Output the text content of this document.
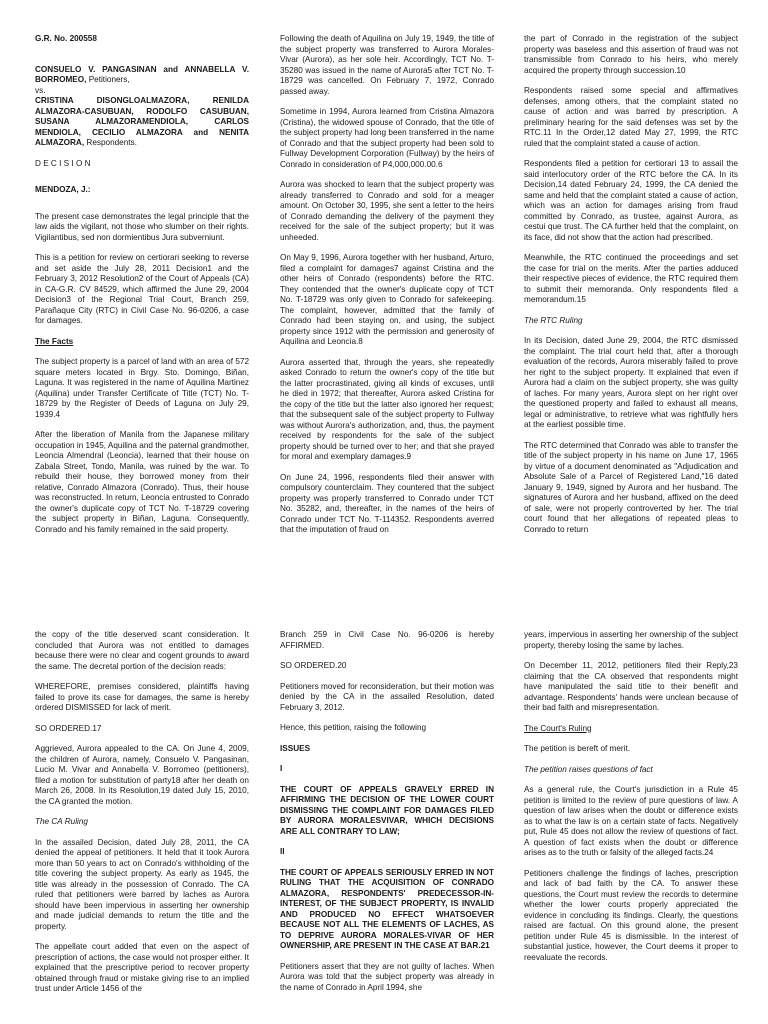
G.R. No. 200558

CONSUELO V. PANGASINAN and ANNABELLA V. BORROMEO, Petitioners,

vs.

CRISTINA DISONGLOALMAZORA, RENILDA ALMAZORA-CASUBUAN, RODOLFO CASUBUAN, SUSANA ALMAZORAMENDIOLA, CARLOS MENDIOLA, CECILIO ALMAZORA and NENITA ALMAZORA, Respondents.

D E C I S I O N

MENDOZA, J.:

The present case demonstrates the legal principle that the law aids the vigilant, not those who slumber on their rights. Vigilantibus, sed non dormientibus Jura subverniunt.

This is a petition for review on certiorari seeking to reverse and set aside the July 28, 2011 Decision1 and the February 3, 2012 Resolution2 of the Court of Appeals (CA) in CA-G.R. CV 84529, which affirmed the June 29, 2004 Decision3 of the Regional Trial Court, Branch 259, Parañaque City (RTC) in Civil Case No. 96-0206, a case for damages.

The Facts

The subject property is a parcel of land with an area of 572 square meters located in Brgy. Sto. Domingo, Biñan, Laguna. It was registered in the name of Aquilina Martinez (Aquilina) under Transfer Certificate of Title (TCT) No. T-18729 by the Register of Deeds of Laguna on July 29, 1939.4

After the liberation of Manila from the Japanese military occupation in 1945, Aquilina and the paternal grandmother, Leoncia Almendral (Leoncia), learned that their house on Zabala Street, Tondo, Manila, was ruined by the war. To rebuild their house, they borrowed money from their relative, Conrado Almazora (Conrado). Thus, their house was reconstructed. In return, Leoncia entrusted to Conrado the owner's duplicate copy of TCT No. T-18729 covering the subject property in Biñan, Laguna. Consequently, Conrado and his family remained in the said property.

Following the death of Aquilina on July 19, 1949, the title of the subject property was transferred to Aurora Morales-Vivar (Aurora), as her sole heir. Accordingly, TCT No. T-35280 was issued in the name of Aurora5 after TCT No. T-18729 was cancelled. On February 7, 1972, Conrado passed away.

Sometime in 1994, Aurora learned from Cristina Almazora (Cristina), the widowed spouse of Conrado, that the title of the subject property had long been transferred in the name of Conrado and that the subject property had been sold to Fullway Development Corporation (Fullway) by the heirs of Conrado in consideration of P4,000,000.00.6

Aurora was shocked to learn that the subject property was already transferred to Conrado and sold for a meager amount. On October 30, 1995, she sent a letter to the heirs of Conrado demanding the delivery of the payment they received for the sale of the subject property; but it was unheeded.

On May 9, 1996, Aurora together with her husband, Arturo, filed a complaint for damages7 against Cristina and the other heirs of Conrado (respondents) before the RTC. They contended that the owner's duplicate copy of TCT No. T-18729 was only given to Conrado for safekeeping. The complaint, however, admitted that the family of Conrado had been staying on, and using, the subject property since 1912 with the permission and generosity of Aquilina and Leoncia.8

Aurora asserted that, through the years, she repeatedly asked Conrado to return the owner's copy of the title but the latter procrastinated, giving all kinds of excuses, until he died in 1972; that thereafter, Aurora asked Cristina for the copy of the title but the latter also ignored her request; that the subsequent sale of the subject property to Fullway was without Aurora's authorization, and, thus, the payment received by respondents for the sale of the subject property should be turned over to her; and that she prayed for moral and exemplary damages.9

On June 24, 1996, respondents filed their answer with compulsory counterclaim. They countered that the subject property was properly transferred to Conrado under TCT No. 35282, and, thereafter, in the names of the heirs of Conrado under TCT No. T-114352. Respondents averred that the imputation of fraud on

the part of Conrado in the registration of the subject property was baseless and this assertion of fraud was not transmissible from Conrado to his heirs, who merely acquired the property through succession.10

Respondents raised some special and affirmatives defenses, among others, that the complaint stated no cause of action and was barred by prescription. A preliminary hearing for the said defenses was set by the RTC.11 In the Order,12 dated May 27, 1999, the RTC ruled that the complaint stated a cause of action.

Respondents filed a petition for certiorari 13 to assail the said interlocutory order of the RTC before the CA. In its Decision,14 dated February 24, 1999, the CA denied the same and held that the complaint stated a cause of action, which was an action for damages arising from fraud committed by Conrado, as trustee, against Aurora, as cestui que trust. The CA further held that the complaint, on its face, did not show that the action had prescribed.

Meanwhile, the RTC continued the proceedings and set the case for trial on the merits. After the parties adduced their respective pieces of evidence, the RTC required them to submit their memoranda. Only respondents filed a memorandum.15

The RTC Ruling

In its Decision, dated June 29, 2004, the RTC dismissed the complaint. The trial court held that, after a thorough evaluation of the records, Aurora miserably failed to prove her right to the subject property. It explained that even if Aurora had a claim on the subject property, she was guilty of laches. For many years, Aurora slept on her right over the questioned property and failed to exhaust all means, legal or administrative, to retrieve what was rightfully hers at the earliest possible time.

The RTC determined that Conrado was able to transfer the title of the subject property in his name on June 17, 1965 by virtue of a document denominated as "Adjudication and Absolute Sale of a Parcel of Registered Land,"16 dated January 9, 1949, signed by Aurora and her husband. The signatures of Aurora and her husband, affixed on the deed of sale, were not properly controverted by her. The trial court found that her allegations of repeated pleas to Conrado to return

the copy of the title deserved scant consideration. It concluded that Aurora was not entitled to damages because there were no clear and cogent grounds to award the same. The decretal portion of the decision reads:

WHEREFORE, premises considered, plaintiffs having failed to prove its case for damages, the same is hereby ordered DISMISSED for lack of merit.

SO ORDERED.17

Aggrieved, Aurora appealed to the CA. On June 4, 2009, the children of Aurora, namely, Consuelo V. Pangasinan, Lucio M. Vivar and Annabella V. Borromeo (petitioners), filed a motion for substitution of party18 after her death on March 26, 2008. In its Resolution,19 dated July 15, 2010, the CA granted the motion.

The CA Ruling

In the assailed Decision, dated July 28, 2011, the CA denied the appeal of petitioners. It held that it took Aurora more than 50 years to act on Conrado's withholding of the title covering the subject property. As early as 1945, the title was already in the possession of Conrado. The CA ruled that petitioners were barred by laches as Aurora should have been impervious in asserting her ownership and made judicial demands to return the title and the property.

The appellate court added that even on the aspect of prescription of actions, the case would not prosper either. It explained that the prescriptive period to recover property obtained through fraud or mistake giving rise to an implied trust under Article 1456 of the

Branch 259 in Civil Case No. 96-0206 is hereby AFFIRMED.

SO ORDERED.20

Petitioners moved for reconsideration, but their motion was denied by the CA in the assailed Resolution, dated February 3, 2012.

Hence, this petition, raising the following

ISSUES

I

THE COURT OF APPEALS GRAVELY ERRED IN AFFIRMING THE DECISION OF THE LOWER COURT DISMISSING THE COMPLAINT FOR DAMAGES FILED BY AURORA MORALESVIVAR, WHICH DECISIONS ARE ALL CONTRARY TO LAW;

II

THE COURT OF APPEALS SERIOUSLY ERRED IN NOT RULING THAT THE ACQUISITION OF CONRADO ALMAZORA, RESPONDENTS' PREDECESSOR-IN-INTEREST, OF THE SUBJECT PROPERTY, IS INVALID AND PRODUCED NO EFFECT WHATSOEVER BECAUSE NOT ALL THE ELEMENTS OF LACHES, AS TO DEPRIVE AURORA MORALES-VIVAR OF HER OWNERSHIP, ARE PRESENT IN THE CASE AT BAR.21

Petitioners assert that they are not guilty of laches. When Aurora was told that the subject property was already in the name of Conrado in April 1994, she

years, impervious in asserting her ownership of the subject property, thereby losing the same by laches.

On December 11, 2012, petitioners filed their Reply,23 claiming that the CA observed that respondents might have manipulated the said title to their benefit and advantage. Respondents' hands were unclean because of their bad faith and misrepresentation.

The Court's Ruling

The petition is bereft of merit.

The petition raises questions of fact

As a general rule, the Court's jurisdiction in a Rule 45 petition is limited to the review of pure questions of law. A question of law arises when the doubt or difference exists as to what the law is on a certain state of facts. Negatively put, Rule 45 does not allow the review of questions of fact. A question of fact exists when the doubt or difference arises as to the truth or falsity of the alleged facts.24

Petitioners challenge the findings of laches, prescription and lack of bad faith by the CA. To answer these questions, the Court must review the records to determine whether the lower courts properly appreciated the evidence in concluding its findings. Clearly, the questions raised are factual. On this ground alone, the present petition under Rule 45 is dismissible. In the interest of substantial justice, however, the Court deems it proper to reevaluate the records.
